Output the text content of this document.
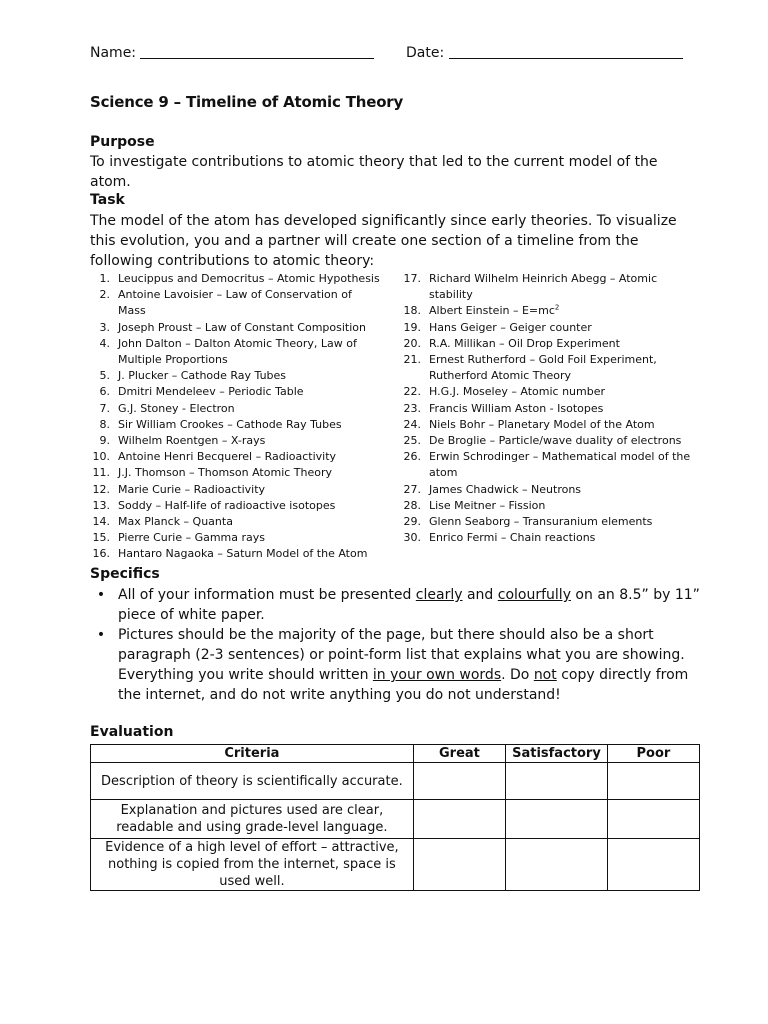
Name:	Date:
Science 9 – Timeline of Atomic Theory
Purpose
To investigate contributions to atomic theory that led to the current model of the atom.
Task
The model of the atom has developed significantly since early theories. To visualize this evolution, you and a partner will create one section of a timeline from the following contributions to atomic theory:
1. Leucippus and Democritus – Atomic Hypothesis
2. Antoine Lavoisier – Law of Conservation of Mass
3. Joseph Proust – Law of Constant Composition
4. John Dalton – Dalton Atomic Theory, Law of Multiple Proportions
5. J. Plucker – Cathode Ray Tubes
6. Dmitri Mendeleev – Periodic Table
7. G.J. Stoney - Electron
8. Sir William Crookes – Cathode Ray Tubes
9. Wilhelm Roentgen – X-rays
10. Antoine Henri Becquerel – Radioactivity
11. J.J. Thomson – Thomson Atomic Theory
12. Marie Curie – Radioactivity
13. Soddy – Half-life of radioactive isotopes
14. Max Planck – Quanta
15. Pierre Curie – Gamma rays
16. Hantaro Nagaoka – Saturn Model of the Atom
17. Richard Wilhelm Heinrich Abegg – Atomic stability
18. Albert Einstein – $E=mc^2$
19. Hans Geiger – Geiger counter
20. R.A. Millikan – Oil Drop Experiment
21. Ernest Rutherford – Gold Foil Experiment, Rutherford Atomic Theory
22. H.G.J. Moseley – Atomic number
23. Francis William Aston - Isotopes
24. Niels Bohr – Planetary Model of the Atom
25. De Broglie – Particle/wave duality of electrons
26. Erwin Schrodinger – Mathematical model of the atom
27. James Chadwick – Neutrons
28. Lise Meitner – Fission
29. Glenn Seaborg – Transuranium elements
30. Enrico Fermi – Chain reactions
Specifics
• All of your information must be presented clearly and colourfully on an 8.5” by 11” piece of white paper.
• Pictures should be the majority of the page, but there should also be a short paragraph (2-3 sentences) or point-form list that explains what you are showing. Everything you write should written in your own words. Do not copy directly from the internet, and do not write anything you do not understand!
Evaluation
Criteria	Great	Satisfactory	Poor
Description of theory is scientifically accurate.			
Explanation and pictures used are clear, readable and using grade-level language.			
Evidence of a high level of effort – attractive, nothing is copied from the internet, space is used well.			
